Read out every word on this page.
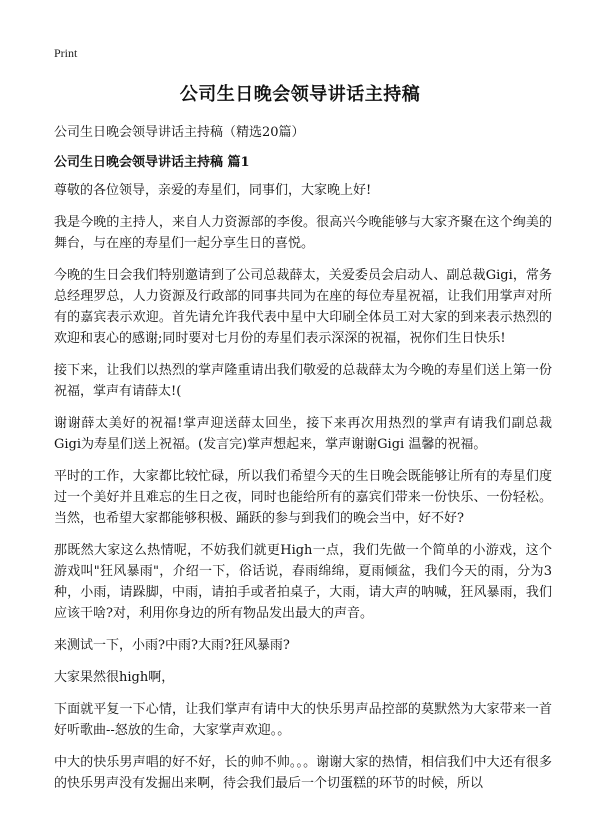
Print
公司生日晚会领导讲话主持稿
公司生日晚会领导讲话主持稿（精选20篇）
公司生日晚会领导讲话主持稿 篇1

尊敬的各位领导，亲爱的寿星们，同事们，大家晚上好!

我是今晚的主持人，来自人力资源部的李俊。很高兴今晚能够与大家齐聚在这个绚美的舞台，与在座的寿星们一起分享生日的喜悦。

今晚的生日会我们特别邀请到了公司总裁薛太，关爱委员会启动人、副总裁Gigi，常务总经理罗总，人力资源及行政部的同事共同为在座的每位寿星祝福，让我们用掌声对所有的嘉宾表示欢迎。首先请允许我代表中星中大印刷全体员工对大家的到来表示热烈的欢迎和衷心的感谢;同时要对七月份的寿星们表示深深的祝福，祝你们生日快乐!

接下来，让我们以热烈的掌声隆重请出我们敬爱的总裁薛太为今晚的寿星们送上第一份祝福，掌声有请薛太!(

谢谢薛太美好的祝福!掌声迎送薛太回坐，接下来再次用热烈的掌声有请我们副总裁Gigi为寿星们送上祝福。(发言完)掌声想起来，掌声谢谢Gigi 温馨的祝福。

平时的工作，大家都比较忙碌，所以我们希望今天的生日晚会既能够让所有的寿星们度过一个美好并且难忘的生日之夜，同时也能给所有的嘉宾们带来一份快乐、一份轻松。当然，也希望大家都能够积极、踊跃的参与到我们的晚会当中，好不好?

那既然大家这么热情呢，不妨我们就更High一点，我们先做一个简单的小游戏，这个游戏叫"狂风暴雨"，介绍一下，俗话说，春雨绵绵，夏雨倾盆，我们今天的雨，分为3种，小雨，请跺脚，中雨，请拍手或者拍桌子，大雨，请大声的呐喊，狂风暴雨，我们应该干啥?对，利用你身边的所有物品发出最大的声音。

来测试一下，小雨?中雨?大雨?狂风暴雨?

大家果然很high啊，

下面就平复一下心情，让我们掌声有请中大的快乐男声品控部的莫默然为大家带来一首好听歌曲--怒放的生命，大家掌声欢迎。。

中大的快乐男声唱的好不好，长的帅不帅。。。谢谢大家的热情，相信我们中大还有很多的快乐男声没有发掘出来啊，待会我们最后一个切蛋糕的环节的时候，所以
